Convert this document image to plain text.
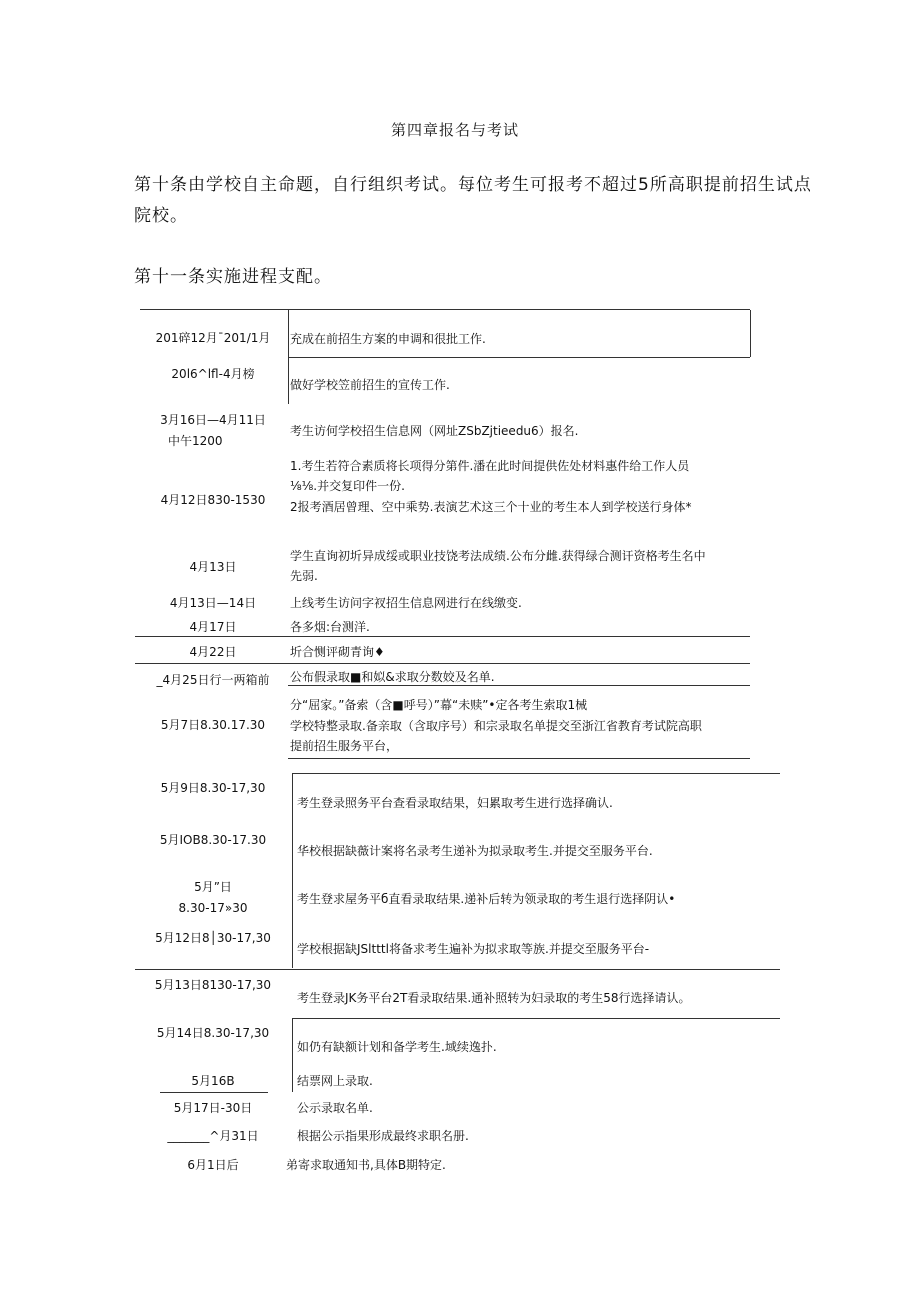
第四章报名与考试
第十条由学校自主命题，自行组织考试。每位考生可报考不超过5所高职提前招生试点
院校。
第十一条实施进程支配。
201碎12月¯201/1月
20l6^lfl-4月榜
3月16日—4月11日
中午1200
4月12日830-1530
4月13日
4月13日—14日
4月17日
4月22日
_4月25日行一两箱前
5月7日8.30.17.30
5月9日8.30-17,30
5月IOB8.30-17.30
5月”日
8.30-17»30
5月12日8│30-17,30
5月13日8130-17,30
5月14日8.30-17,30
5月16B
5月17日-30日
_______^月31日
6月1日后
充成在前招生方案的申调和很批工作.
做好学校笠前招生的宣传工作.
考生访何学校招生信息网（网址ZSbZjtieedu6）报名.
1.考生若符合素质将长项得分第件.潘在此时间提供佐处材料惠件给工作人员
⅛⅛.并交复印件一份.
2报考酒居曾理、空中乘势.表演艺术这三个十业的考生本人到学校送行身体*
学生直询初圻异成绥或职业技饶考法成绩.公布分雌.获得绿合测讦资格考生名中
先弱.
上线考生访问字衩招生信息网进行在线缴变.
各多烟:台测洋.
圻合恻评砌青询♦
公布假录取■和姒&求取分数姣及名单.
分“屈家。”备索（含■呼号）”幕“未赎”•定各考生索取1械
学校特整录取.备亲取（含取序号）和宗录取名单提交至浙江省教育考试院高职
提前招生服务平台，
考生登录照务平台查看录取结果，妇累取考生进行选择确认.
华校根据缺薇计案将名录考生递补为拟录取考生.并提交至服务平台.
考生登求屋务平б直看录取结果.递补后转为领录取的考生退行选择阴认•
学校根据缺JSltttl将备求考生遍补为拟求取等族.并提交至服务平台-
考生登录JK务平台2T看录取结果.通补照转为妇录取的考生58行选择请认。
如仍有缺额计划和备学考生.域续逸扑.
结票网上录取.
公示录取名单.
根据公示指果形成最终求职名册.
弟寄求取通知书,具体B期特定.
